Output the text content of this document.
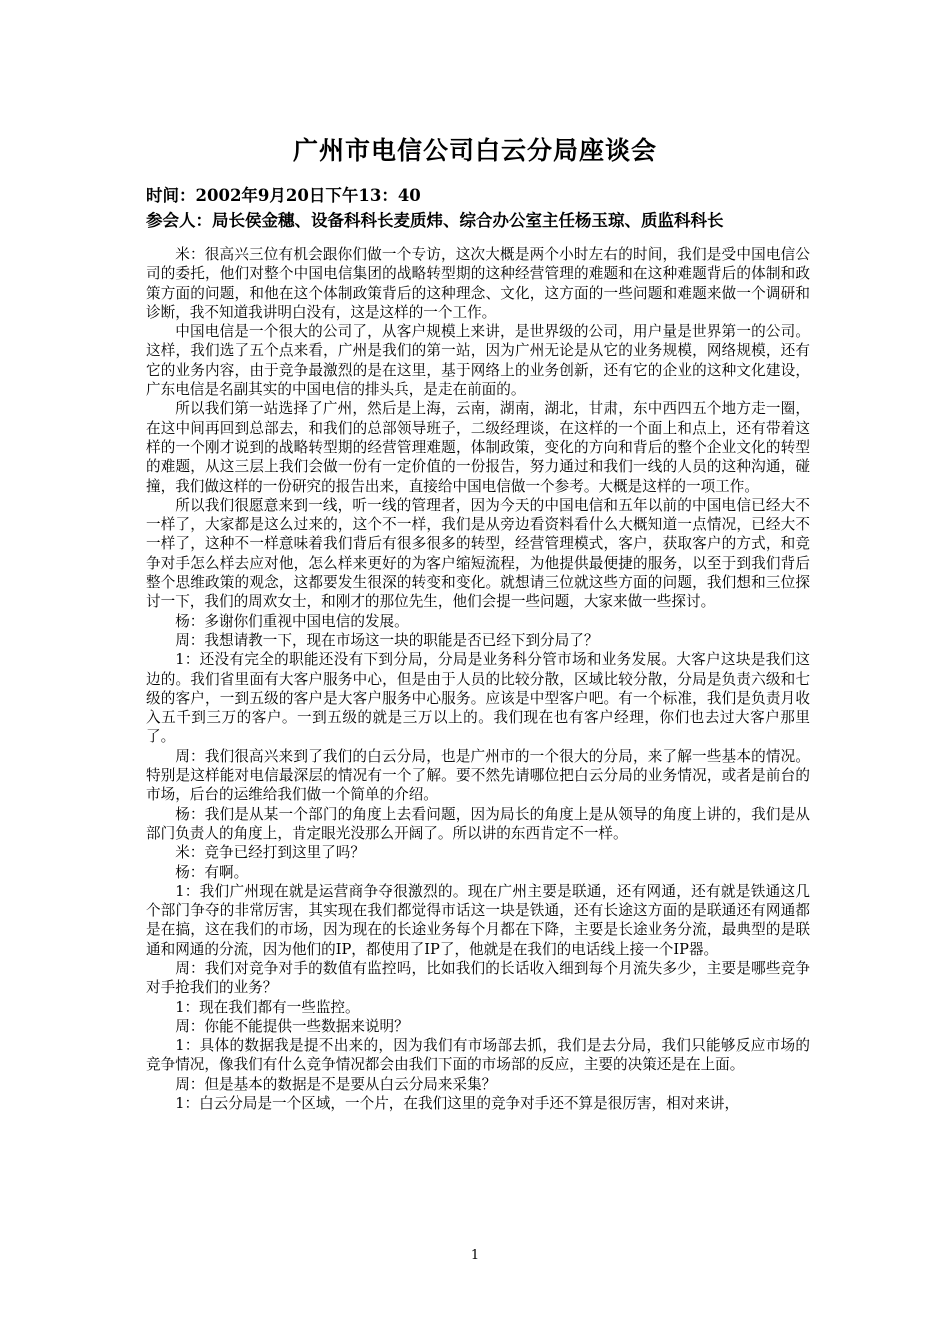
广州市电信公司白云分局座谈会
时间：2002年9月20日下午13：40
参会人：局长侯金穗、设备科科长麦质炜、综合办公室主任杨玉琼、质监科科长

米：很高兴三位有机会跟你们做一个专访，这次大概是两个小时左右的时间，我们是受中国电信公司的委托，他们对整个中国电信集团的战略转型期的这种经营管理的难题和在这种难题背后的体制和政策方面的问题，和他在这个体制政策背后的这种理念、文化，这方面的一些问题和难题来做一个调研和诊断，我不知道我讲明白没有，这是这样的一个工作。

中国电信是一个很大的公司了，从客户规模上来讲，是世界级的公司，用户量是世界第一的公司。这样，我们选了五个点来看，广州是我们的第一站，因为广州无论是从它的业务规模，网络规模，还有它的业务内容，由于竞争最激烈的是在这里，基于网络上的业务创新，还有它的企业的这种文化建设，广东电信是名副其实的中国电信的排头兵，是走在前面的。

所以我们第一站选择了广州，然后是上海，云南，湖南，湖北，甘肃，东中西四五个地方走一圈，在这中间再回到总部去，和我们的总部领导班子，二级经理谈，在这样的一个面上和点上，还有带着这样的一个刚才说到的战略转型期的经营管理难题，体制政策，变化的方向和背后的整个企业文化的转型的难题，从这三层上我们会做一份有一定价值的一份报告，努力通过和我们一线的人员的这种沟通，碰撞，我们做这样的一份研究的报告出来，直接给中国电信做一个参考。大概是这样的一项工作。

所以我们很愿意来到一线，听一线的管理者，因为今天的中国电信和五年以前的中国电信已经大不一样了，大家都是这么过来的，这个不一样，我们是从旁边看资料看什么大概知道一点情况，已经大不一样了，这种不一样意味着我们背后有很多很多的转型，经营管理模式，客户，获取客户的方式，和竞争对手怎么样去应对他，怎么样来更好的为客户缩短流程，为他提供最便捷的服务，以至于到我们背后整个思维政策的观念，这都要发生很深的转变和变化。就想请三位就这些方面的问题，我们想和三位探讨一下，我们的周欢女士，和刚才的那位先生，他们会提一些问题，大家来做一些探讨。

杨：多谢你们重视中国电信的发展。

周：我想请教一下，现在市场这一块的职能是否已经下到分局了？

1：还没有完全的职能还没有下到分局，分局是业务科分管市场和业务发展。大客户这块是我们这边的。我们省里面有大客户服务中心，但是由于人员的比较分散，区域比较分散，分局是负责六级和七级的客户，一到五级的客户是大客户服务中心服务。应该是中型客户吧。有一个标准，我们是负责月收入五千到三万的客户。一到五级的就是三万以上的。我们现在也有客户经理，你们也去过大客户那里了。

周：我们很高兴来到了我们的白云分局，也是广州市的一个很大的分局，来了解一些基本的情况。特别是这样能对电信最深层的情况有一个了解。要不然先请哪位把白云分局的业务情况，或者是前台的市场，后台的运维给我们做一个简单的介绍。

杨：我们是从某一个部门的角度上去看问题，因为局长的角度上是从领导的角度上讲的，我们是从部门负责人的角度上，肯定眼光没那么开阔了。所以讲的东西肯定不一样。

米：竞争已经打到这里了吗？

杨：有啊。

1：我们广州现在就是运营商争夺很激烈的。现在广州主要是联通，还有网通，还有就是铁通这几个部门争夺的非常厉害，其实现在我们都觉得市话这一块是铁通，还有长途这方面的是联通还有网通都是在搞，这在我们的市场，因为现在的长途业务每个月都在下降，主要是长途业务分流，最典型的是联通和网通的分流，因为他们的IP，都使用了IP了，他就是在我们的电话线上接一个IP器。

周：我们对竞争对手的数值有监控吗，比如我们的长话收入细到每个月流失多少，主要是哪些竞争对手抢我们的业务？

1：现在我们都有一些监控。

周：你能不能提供一些数据来说明？

1：具体的数据我是提不出来的，因为我们有市场部去抓，我们是去分局，我们只能够反应市场的竞争情况，像我们有什么竞争情况都会由我们下面的市场部的反应，主要的决策还是在上面。

周：但是基本的数据是不是要从白云分局来采集？

1：白云分局是一个区域，一个片，在我们这里的竞争对手还不算是很厉害，相对来讲，

1
